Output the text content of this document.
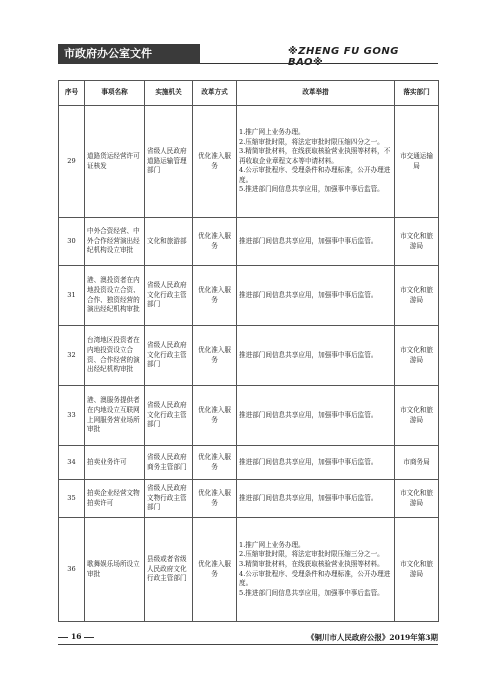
市政府办公室文件	※ZHENG FU GONG BAO※
序号	事项名称	实施机关	改革方式	改革举措	落实部门
29	道路货运经营许可证核发	省级人民政府道路运输管理部门	优化准入服务	1.推广网上业务办理。
2.压缩审批时限，将法定审批时限压缩四分之一。
3.精简审批材料，在线获取核验营业执照等材料，不再收取企业章程文本等申请材料。
4.公示审批程序、受理条件和办理标准，公开办理进度。
5.推进部门间信息共享应用，加强事中事后监管。	市交通运输局
30	中外合资经营、中外合作经营演出经纪机构设立审批	文化和旅游部	优化准入服务	推进部门间信息共享应用，加强事中事后监管。	市文化和旅游局
31	港、澳投资者在内地投资设立合资、合作、独资经营的演出经纪机构审批	省级人民政府文化行政主管部门	优化准入服务	推进部门间信息共享应用，加强事中事后监管。	市文化和旅游局
32	台湾地区投资者在内地投资设立合资、合作经营的演出经纪机构审批	省级人民政府文化行政主管部门	优化准入服务	推进部门间信息共享应用，加强事中事后监管。	市文化和旅游局
33	港、澳服务提供者在内地设立互联网上网服务营业场所审批	省级人民政府文化行政主管部门	优化准入服务	推进部门间信息共享应用，加强事中事后监管。	市文化和旅游局
34	拍卖业务许可	省级人民政府商务主管部门	优化准入服务	推进部门间信息共享应用，加强事中事后监管。	市商务局
35	拍卖企业经营文物拍卖许可	省级人民政府文物行政主管部门	优化准入服务	推进部门间信息共享应用，加强事中事后监管。	市文化和旅游局
36	歌舞娱乐场所设立审批	县级或者省级人民政府文化行政主管部门	优化准入服务	1.推广网上业务办理。
2.压缩审批时限，将法定审批时限压缩三分之一。
3.精简审批材料，在线获取核验营业执照等材料。
4.公示审批程序、受理条件和办理标准，公开办理进度。
5.推进部门间信息共享应用，加强事中事后监管。	市文化和旅游局
16	《铜川市人民政府公报》2019年第3期
